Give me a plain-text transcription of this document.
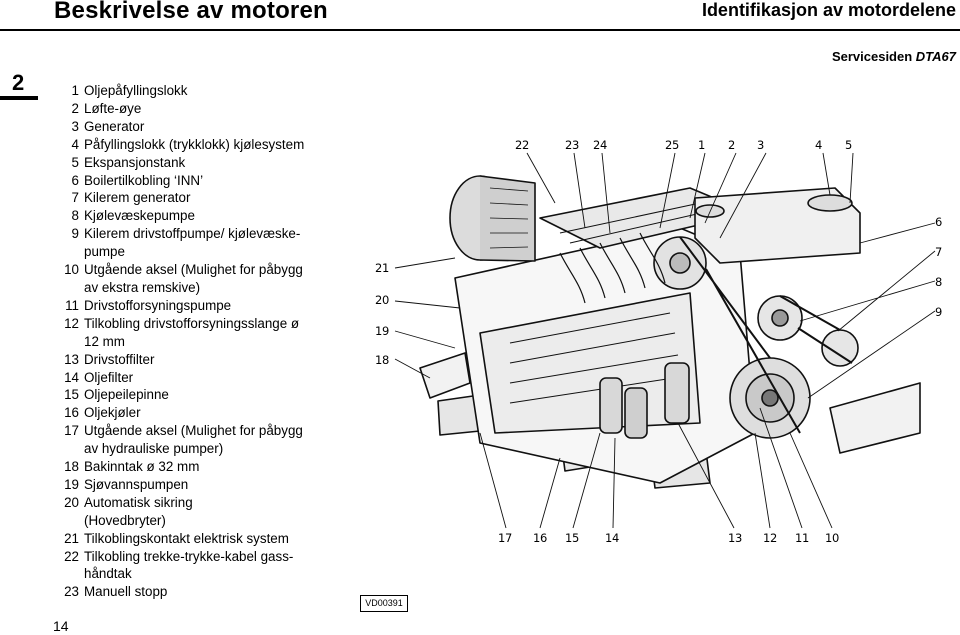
Beskrivelse av motoren	Identifikasjon av motordelene
Servicesiden DTA67
2	1 Oljepåfyllingslokk
2 Løfte-øye
3 Generator
4 Påfyllingslokk (trykklokk) kjølesystem
5 Ekspansjonstank
6 Boilertilkobling ‘INN’
7 Kilerem generator
8 Kjølevæskepumpe
9 Kilerem drivstoffpumpe/ kjølevæske-
pumpe
10 Utgående aksel (Mulighet for påbygg
av ekstra remskive)
11 Drivstofforsyningspumpe
12 Tilkobling drivstofforsyningsslange ø
12 mm
13 Drivstoffilter
14 Oljefilter
15 Oljepeilepinne
16 Oljekjøler
17 Utgående aksel (Mulighet for påbygg
av hydrauliske pumper)
18 Bakinntak ø 32 mm
19 Sjøvannspumpen
20 Automatisk sikring
(Hovedbryter)
21 Tilkoblingskontakt elektrisk system
22 Tilkobling trekke-trykke-kabel gass-
håndtak
23 Manuell stopp
14
22	23 24	25 1 2 3	4 5
6
7
8
9
21
20
19
18
17 16 15 14	13 12 11 10
VD00391
